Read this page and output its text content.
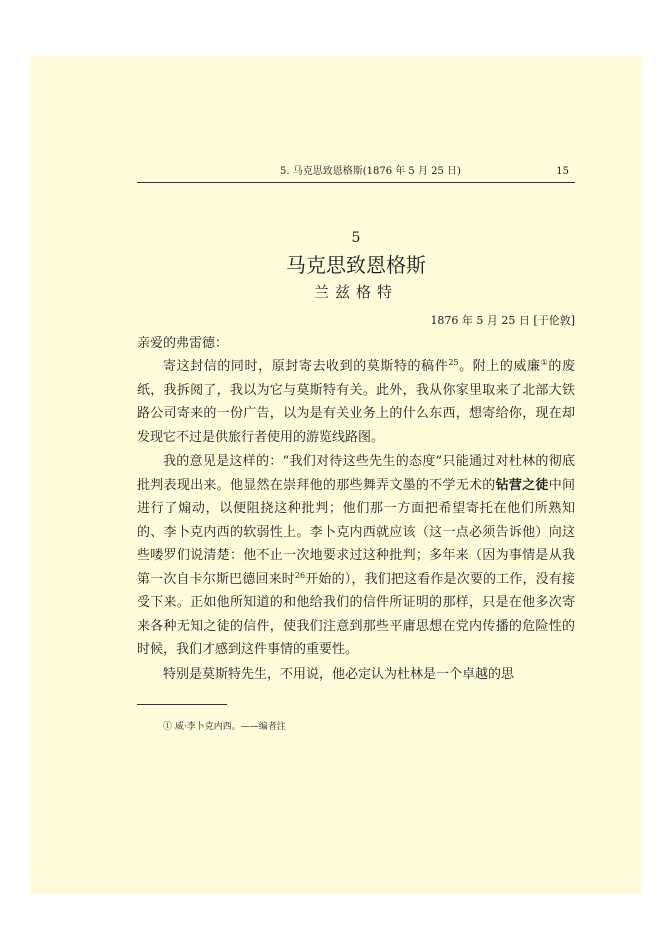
5. 马克思致恩格斯(1876 年 5 月 25 日)	15
5
马克思致恩格斯
兰兹格特
1876 年 5 月 25 日 [于伦敦]
亲爱的弗雷德：

寄这封信的同时，原封寄去收到的莫斯特的稿件$^{25}$。附上的威廉①的废纸，我拆阅了，我以为它与莫斯特有关。此外，我从你家里取来了北部大铁路公司寄来的一份广告，以为是有关业务上的什么东西，想寄给你，现在却发现它不过是供旅行者使用的游览线路图。

我的意见是这样的：“我们对待这些先生的态度”只能通过对杜林的彻底批判表现出来。他显然在崇拜他的那些舞弄文墨的不学无术的钻营之徒中间进行了煽动，以便阻挠这种批判；他们那一方面把希望寄托在他们所熟知的、李卜克内西的软弱性上。李卜克内西就应该（这一点必须告诉他）向这些喽罗们说清楚：他不止一次地要求过这种批判；多年来（因为事情是从我第一次自卡尔斯巴德回来时$^{26}$开始的），我们把这看作是次要的工作，没有接受下来。正如他所知道的和他给我们的信件所证明的那样，只是在他多次寄来各种无知之徒的信件，使我们注意到那些平庸思想在党内传播的危险性的时候，我们才感到这件事情的重要性。

特别是莫斯特先生，不用说，他必定认为杜林是一个卓越的思

① 威·李卜克内西。——编者注
